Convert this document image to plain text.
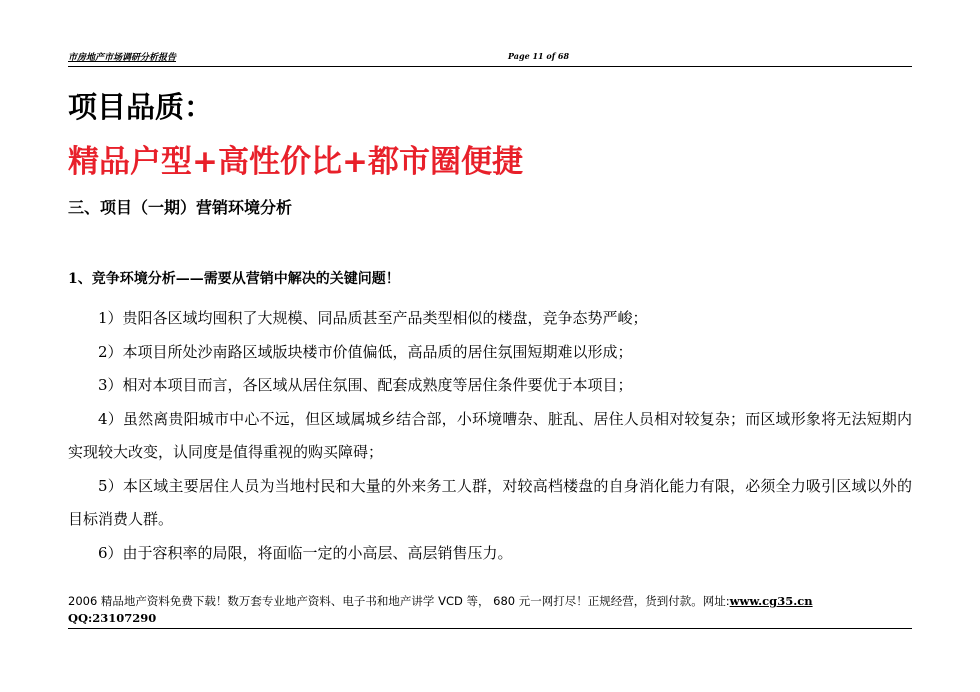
市房地产市场调研分析报告	Page 11 of 68
项目品质：
精品户型+高性价比+都市圈便捷
三、项目（一期）营销环境分析
1、竞争环境分析——需要从营销中解决的关键问题！

1）贵阳各区域均囤积了大规模、同品质甚至产品类型相似的楼盘，竞争态势严峻；

2）本项目所处沙南路区域版块楼市价值偏低，高品质的居住氛围短期难以形成；

3）相对本项目而言，各区域从居住氛围、配套成熟度等居住条件要优于本项目；

4）虽然离贵阳城市中心不远，但区域属城乡结合部，小环境嘈杂、脏乱、居住人员相对较复杂；而区域形象将无法短期内实现较大改变，认同度是值得重视的购买障碍；

5）本区域主要居住人员为当地村民和大量的外来务工人群，对较高档楼盘的自身消化能力有限，必须全力吸引区域以外的目标消费人群。

6）由于容积率的局限，将面临一定的小高层、高层销售压力。

2006 精品地产资料免费下载！数万套专业地产资料、电子书和地产讲学 VCD 等， 680 元一网打尽！正规经营，货到付款。网址:www.cg35.cn
QQ:23107290
